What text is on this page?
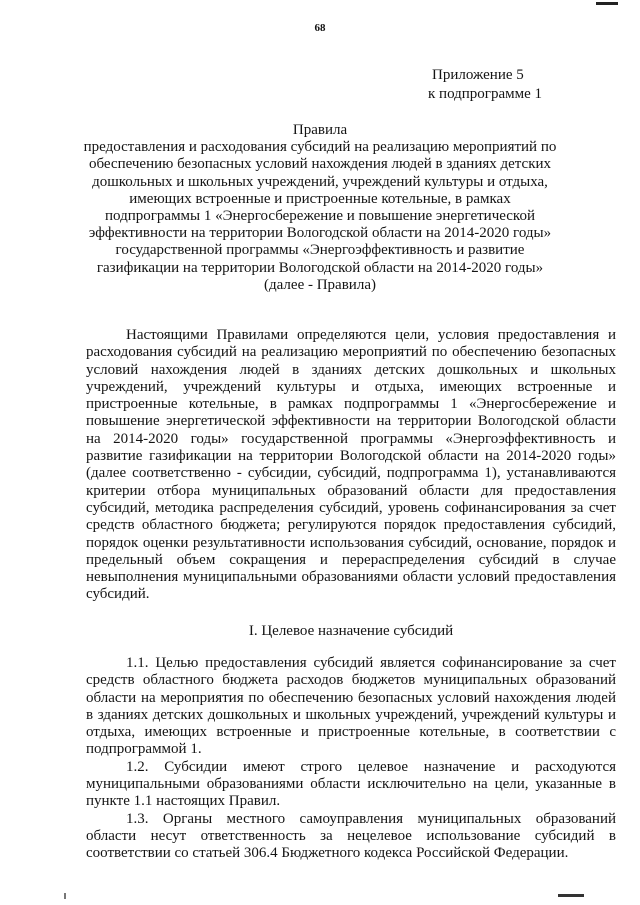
68
Приложение 5
к подпрограмме 1
Правила
предоставления и расходования субсидий на реализацию мероприятий по обеспечению безопасных условий нахождения людей в зданиях детских дошкольных и школьных учреждений, учреждений культуры и отдыха, имеющих встроенные и пристроенные котельные, в рамках подпрограммы 1 «Энергосбережение и повышение энергетической эффективности на территории Вологодской области на 2014-2020 годы» государственной программы «Энергоэффективность и развитие газификации на территории Вологодской области на 2014-2020 годы»
(далее - Правила)

Настоящими Правилами определяются цели, условия предоставления и расходования субсидий на реализацию мероприятий по обеспечению безопасных условий нахождения людей в зданиях детских дошкольных и школьных учреждений, учреждений культуры и отдыха, имеющих встроенные и пристроенные котельные, в рамках подпрограммы 1 «Энергосбережение и повышение энергетической эффективности на территории Вологодской области на 2014-2020 годы» государственной программы «Энергоэффективность и развитие газификации на территории Вологодской области на 2014-2020 годы» (далее соответственно - субсидии, субсидий, подпрограмма 1), устанавливаются критерии отбора муниципальных образований области для предоставления субсидий, методика распределения субсидий, уровень софинансирования за счет средств областного бюджета; регулируются порядок предоставления субсидий, порядок оценки результативности использования субсидий, основание, порядок и предельный объем сокращения и перераспределения субсидий в случае невыполнения муниципальными образованиями области условий предоставления субсидий.

I. Целевое назначение субсидий

1.1. Целью предоставления субсидий является софинансирование за счет средств областного бюджета расходов бюджетов муниципальных образований области на мероприятия по обеспечению безопасных условий нахождения людей в зданиях детских дошкольных и школьных учреждений, учреждений культуры и отдыха, имеющих встроенные и пристроенные котельные, в соответствии с подпрограммой 1.

1.2. Субсидии имеют строго целевое назначение и расходуются муниципальными образованиями области исключительно на цели, указанные в пункте 1.1 настоящих Правил.

1.3. Органы местного самоуправления муниципальных образований области несут ответственность за нецелевое использование субсидий в соответствии со статьей 306.4 Бюджетного кодекса Российской Федерации.
